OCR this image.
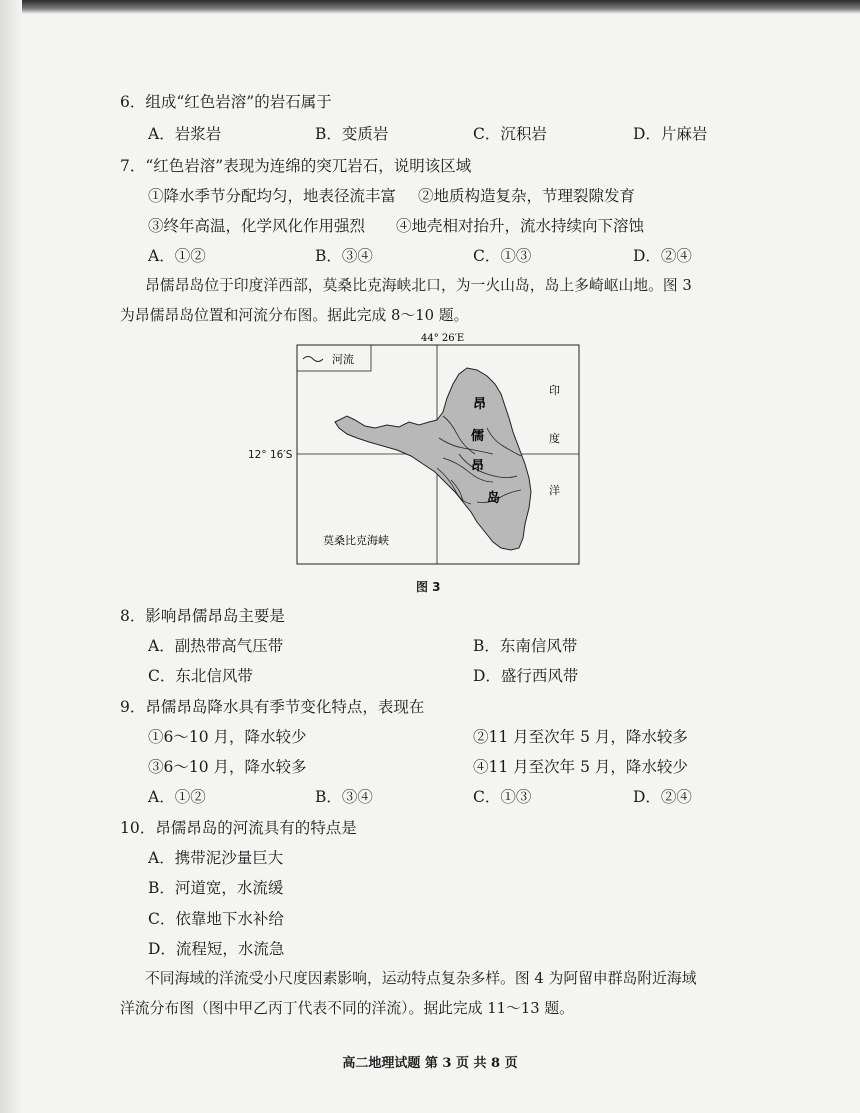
6．组成“红色岩溶”的岩石属于
A．岩浆岩	B．变质岩	C．沉积岩	D．片麻岩
7．“红色岩溶”表现为连绵的突兀岩石，说明该区域
①降水季节分配均匀，地表径流丰富 ②地质构造复杂，节理裂隙发育
③终年高温，化学风化作用强烈 ④地壳相对抬升，流水持续向下溶蚀
A．①②	B．③④	C．①③	D．②④
昂儒昂岛位于印度洋西部，莫桑比克海峡北口，为一火山岛，岛上多崎岖山地。图 3
为昂儒昂岛位置和河流分布图。据此完成 8～10 题。
河流
44° 26′E
昂
儒
昂
岛
印
度
洋
莫桑比克海峡
12° 16′S
图 3
8．影响昂儒昂岛主要是
A．副热带高气压带	B．东南信风带
C．东北信风带	D．盛行西风带
9．昂儒昂岛降水具有季节变化特点，表现在
①6～10 月，降水较少	②11 月至次年 5 月，降水较多
③6～10 月，降水较多	④11 月至次年 5 月，降水较少
A．①②	B．③④	C．①③	D．②④
10．昂儒昂岛的河流具有的特点是
A．携带泥沙量巨大
B．河道宽，水流缓
C．依靠地下水补给
D．流程短，水流急
不同海域的洋流受小尺度因素影响，运动特点复杂多样。图 4 为阿留申群岛附近海域
洋流分布图（图中甲乙丙丁代表不同的洋流）。据此完成 11～13 题。
高二地理试题 第 3 页 共 8 页
